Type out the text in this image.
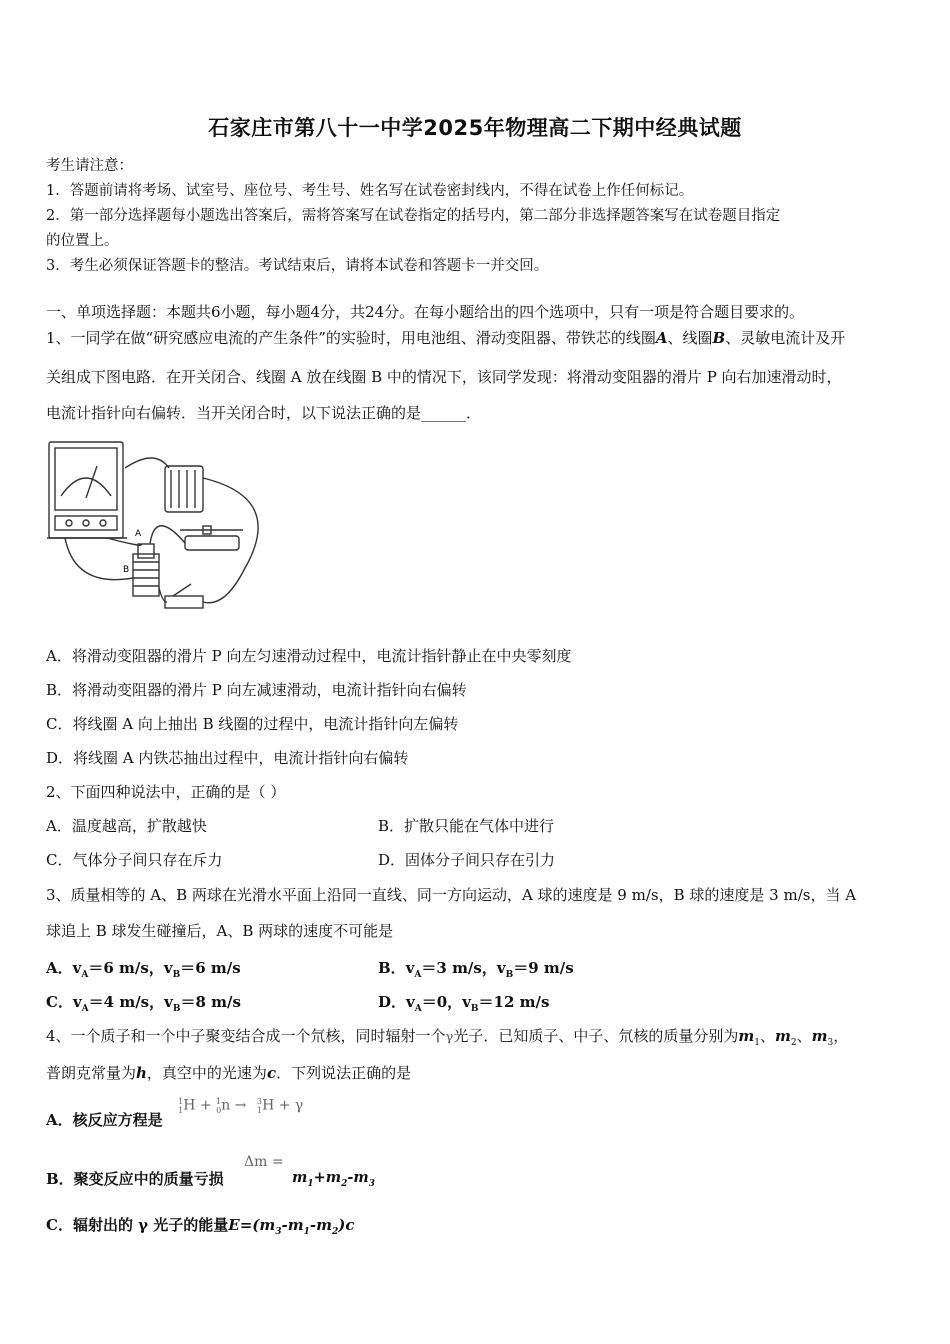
石家庄市第八十一中学2025年物理高二下期中经典试题
考生请注意：
1．答题前请将考场、试室号、座位号、考生号、姓名写在试卷密封线内，不得在试卷上作任何标记。
2．第一部分选择题每小题选出答案后，需将答案写在试卷指定的括号内，第二部分非选择题答案写在试卷题目指定
的位置上。
3．考生必须保证答题卡的整洁。考试结束后，请将本试卷和答题卡一并交回。
一、单项选择题：本题共6小题，每小题4分，共24分。在每小题给出的四个选项中，只有一项是符合题目要求的。
1、一同学在做“研究感应电流的产生条件”的实验时，用电池组、滑动变阻器、带铁芯的线圈A、线圈B、灵敏电流计及开
关组成下图电路．在开关闭合、线圈 A 放在线圈 B 中的情况下，该同学发现：将滑动变阻器的滑片 P 向右加速滑动时，
电流计指针向右偏转．当开关闭合时，以下说法正确的是______．
A
B
A．将滑动变阻器的滑片 P 向左匀速滑动过程中，电流计指针静止在中央零刻度
B．将滑动变阻器的滑片 P 向左减速滑动，电流计指针向右偏转
C．将线圈 A 向上抽出 B 线圈的过程中，电流计指针向左偏转
D．将线圈 A 内铁芯抽出过程中，电流计指针向右偏转
2、下面四种说法中，正确的是（ ）
A．温度越高，扩散越快	B．扩散只能在气体中进行
C．气体分子间只存在斥力	D．固体分子间只存在引力
3、质量相等的 A、B 两球在光滑水平面上沿同一直线、同一方向运动，A 球的速度是 9 m/s，B 球的速度是 3 m/s，当 A
球追上 B 球发生碰撞后，A、B 两球的速度不可能是
A．$v_A=6$ m/s，$v_B=6$ m/s	B．$v_A=3$ m/s，$v_B=9$ m/s
C．$v_A=4$ m/s，$v_B=8$ m/s	D．$v_A=0$，$v_B=12$ m/s
4、一个质子和一个中子聚变结合成一个氘核，同时辐射一个γ光子．已知质子、中子、氘核的质量分别为$m_1$、$m_2$、$m_3$，
普朗克常量为h，真空中的光速为c．下列说法正确的是
A．核反应方程是
$^1_1$H + $^1_0$n → $^3_1$H + γ
B．聚变反应中的质量亏损
Δm =
$m_1+m_2-m_3$
C．辐射出的 γ 光子的能量$E=(m_3-m_1-m_2)c$
